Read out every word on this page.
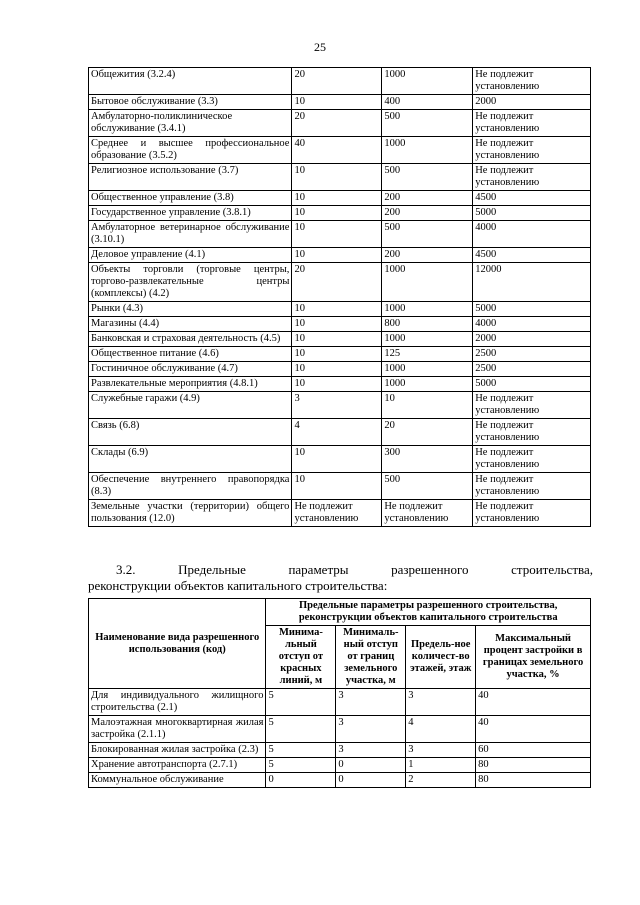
25
Общежития (3.2.4)	20	1000	Не подлежит установлению
Бытовое обслуживание (3.3)	10	400	2000
Амбулаторно-поликлиническое обслуживание (3.4.1)	20	500	Не подлежит установлению
Среднее и высшее профессиональное образование (3.5.2)	40	1000	Не подлежит установлению
Религиозное использование (3.7)	10	500	Не подлежит установлению
Общественное управление (3.8)	10	200	4500
Государственное управление (3.8.1)	10	200	5000
Амбулаторное ветеринарное обслуживание (3.10.1)	10	500	4000
Деловое управление (4.1)	10	200	4500
Объекты торговли (торговые центры, торгово-развлекательные центры (комплексы) (4.2)	20	1000	12000
Рынки (4.3)	10	1000	5000
Магазины (4.4)	10	800	4000
Банковская и страховая деятельность (4.5)	10	1000	2000
Общественное питание (4.6)	10	125	2500
Гостиничное обслуживание (4.7)	10	1000	2500
Развлекательные мероприятия (4.8.1)	10	1000	5000
Служебные гаражи (4.9)	3	10	Не подлежит установлению
Связь (6.8)	4	20	Не подлежит установлению
Склады (6.9)	10	300	Не подлежит установлению
Обеспечение внутреннего правопорядка (8.3)	10	500	Не подлежит установлению
Земельные участки (территории) общего пользования (12.0)	Не подлежит установлению	Не подлежит установлению	Не подлежит установлению
3.2. Предельные параметры разрешенного строительства,
реконструкции объектов капитального строительства:
Наименование вида разрешенного использования (код)	Предельные параметры разрешенного строительства, реконструкции объектов капитального строительства			
	Минима-льный отступ от красных линий, м	Минималь-ный отступ от границ земельного участка, м	Предель-ное количест-во этажей, этаж	Максимальный процент застройки в границах земельного участка, %
Для индивидуального жилищного строительства (2.1)	5	3	3	40
Малоэтажная многоквартирная жилая застройка (2.1.1)	5	3	4	40
Блокированная жилая застройка (2.3)	5	3	3	60
Хранение автотранспорта (2.7.1)	5	0	1	80
Коммунальное обслуживание	0	0	2	80
